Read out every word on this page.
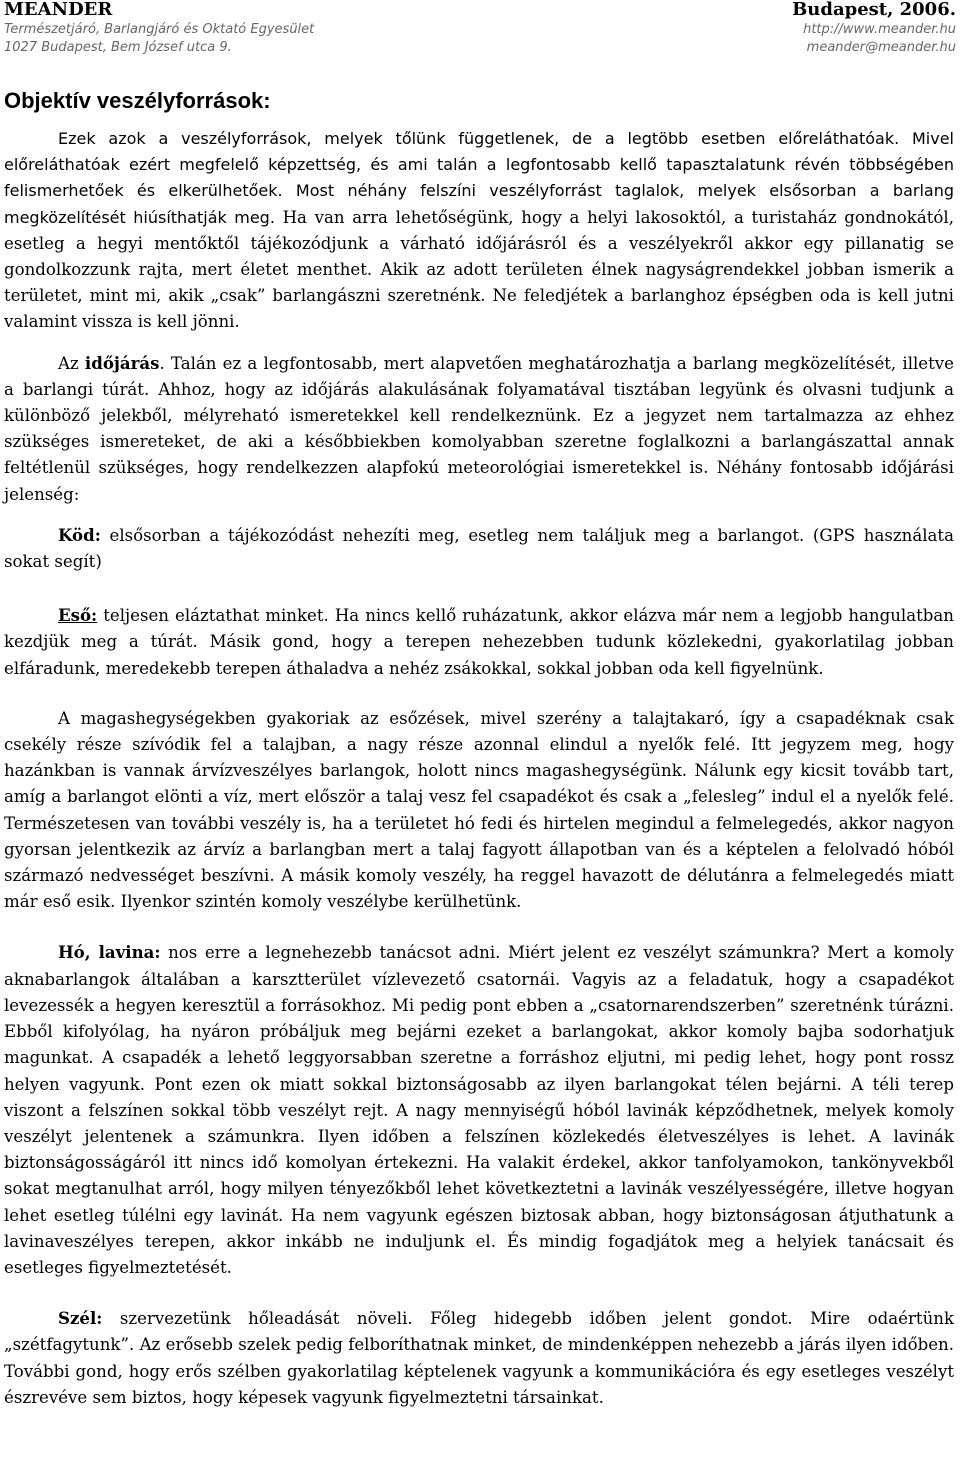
MEANDER	Budapest, 2006.
Természetjáró, Barlangjáró és Oktató Egyesület	http://www.meander.hu
1027 Budapest, Bem József utca 9.	meander@meander.hu
Objektív veszélyforrások:

Ezek azok a veszélyforrások, melyek tőlünk függetlenek, de a legtöbb esetben előreláthatóak. Mivel előreláthatóak ezért megfelelő képzettség, és ami talán a legfontosabb kellő tapasztalatunk révén többségében felismerhetőek és elkerülhetőek. Most néhány felszíni veszélyforrást taglalok, melyek elsősorban a barlang megközelítését hiúsíthatják meg. Ha van arra lehetőségünk, hogy a helyi lakosoktól, a turistaház gondnokától, esetleg a hegyi mentőktől tájékozódjunk a várható időjárásról és a veszélyekről akkor egy pillanatig se gondolkozzunk rajta, mert életet menthet. Akik az adott területen élnek nagyságrendekkel jobban ismerik a területet, mint mi, akik „csak” barlangászni szeretnénk. Ne feledjétek a barlanghoz épségben oda is kell jutni valamint vissza is kell jönni.

Az időjárás. Talán ez a legfontosabb, mert alapvetően meghatározhatja a barlang megközelítését, illetve a barlangi túrát. Ahhoz, hogy az időjárás alakulásának folyamatával tisztában legyünk és olvasni tudjunk a különböző jelekből, mélyreható ismeretekkel kell rendelkeznünk. Ez a jegyzet nem tartalmazza az ehhez szükséges ismereteket, de aki a későbbiekben komolyabban szeretne foglalkozni a barlangászattal annak feltétlenül szükséges, hogy rendelkezzen alapfokú meteorológiai ismeretekkel is. Néhány fontosabb időjárási jelenség:

Köd: elsősorban a tájékozódást nehezíti meg, esetleg nem találjuk meg a barlangot. (GPS használata sokat segít)

Eső: teljesen eláztathat minket. Ha nincs kellő ruházatunk, akkor elázva már nem a legjobb hangulatban kezdjük meg a túrát. Másik gond, hogy a terepen nehezebben tudunk közlekedni, gyakorlatilag jobban elfáradunk, meredekebb terepen áthaladva a nehéz zsákokkal, sokkal jobban oda kell figyelnünk.

A magashegységekben gyakoriak az esőzések, mivel szerény a talajtakaró, így a csapadéknak csak csekély része szívódik fel a talajban, a nagy része azonnal elindul a nyelők felé. Itt jegyzem meg, hogy hazánkban is vannak árvízveszélyes barlangok, holott nincs magashegységünk. Nálunk egy kicsit tovább tart, amíg a barlangot elönti a víz, mert először a talaj vesz fel csapadékot és csak a „felesleg” indul el a nyelők felé. Természetesen van további veszély is, ha a területet hó fedi és hirtelen megindul a felmelegedés, akkor nagyon gyorsan jelentkezik az árvíz a barlangban mert a talaj fagyott állapotban van és a képtelen a felolvadó hóból származó nedvességet beszívni. A másik komoly veszély, ha reggel havazott de délutánra a felmelegedés miatt már eső esik. Ilyenkor szintén komoly veszélybe kerülhetünk.

Hó, lavina: nos erre a legnehezebb tanácsot adni. Miért jelent ez veszélyt számunkra? Mert a komoly aknabarlangok általában a karsztterület vízlevezető csatornái. Vagyis az a feladatuk, hogy a csapadékot levezessék a hegyen keresztül a forrásokhoz. Mi pedig pont ebben a „csatornarendszerben” szeretnénk túrázni. Ebből kifolyólag, ha nyáron próbáljuk meg bejárni ezeket a barlangokat, akkor komoly bajba sodorhatjuk magunkat. A csapadék a lehető leggyorsabban szeretne a forráshoz eljutni, mi pedig lehet, hogy pont rossz helyen vagyunk. Pont ezen ok miatt sokkal biztonságosabb az ilyen barlangokat télen bejárni. A téli terep viszont a felszínen sokkal több veszélyt rejt. A nagy mennyiségű hóból lavinák képződhetnek, melyek komoly veszélyt jelentenek a számunkra. Ilyen időben a felszínen közlekedés életveszélyes is lehet. A lavinák biztonságosságáról itt nincs idő komolyan értekezni. Ha valakit érdekel, akkor tanfolyamokon, tankönyvekből sokat megtanulhat arról, hogy milyen tényezőkből lehet következtetni a lavinák veszélyességére, illetve hogyan lehet esetleg túlélni egy lavinát. Ha nem vagyunk egészen biztosak abban, hogy biztonságosan átjuthatunk a lavinaveszélyes terepen, akkor inkább ne induljunk el. És mindig fogadjátok meg a helyiek tanácsait és esetleges figyelmeztetését.

Szél: szervezetünk hőleadását növeli. Főleg hidegebb időben jelent gondot. Mire odaértünk „szétfagytunk”. Az erősebb szelek pedig felboríthatnak minket, de mindenképpen nehezebb a járás ilyen időben. További gond, hogy erős szélben gyakorlatilag képtelenek vagyunk a kommunikációra és egy esetleges veszélyt észrevéve sem biztos, hogy képesek vagyunk figyelmeztetni társainkat.
